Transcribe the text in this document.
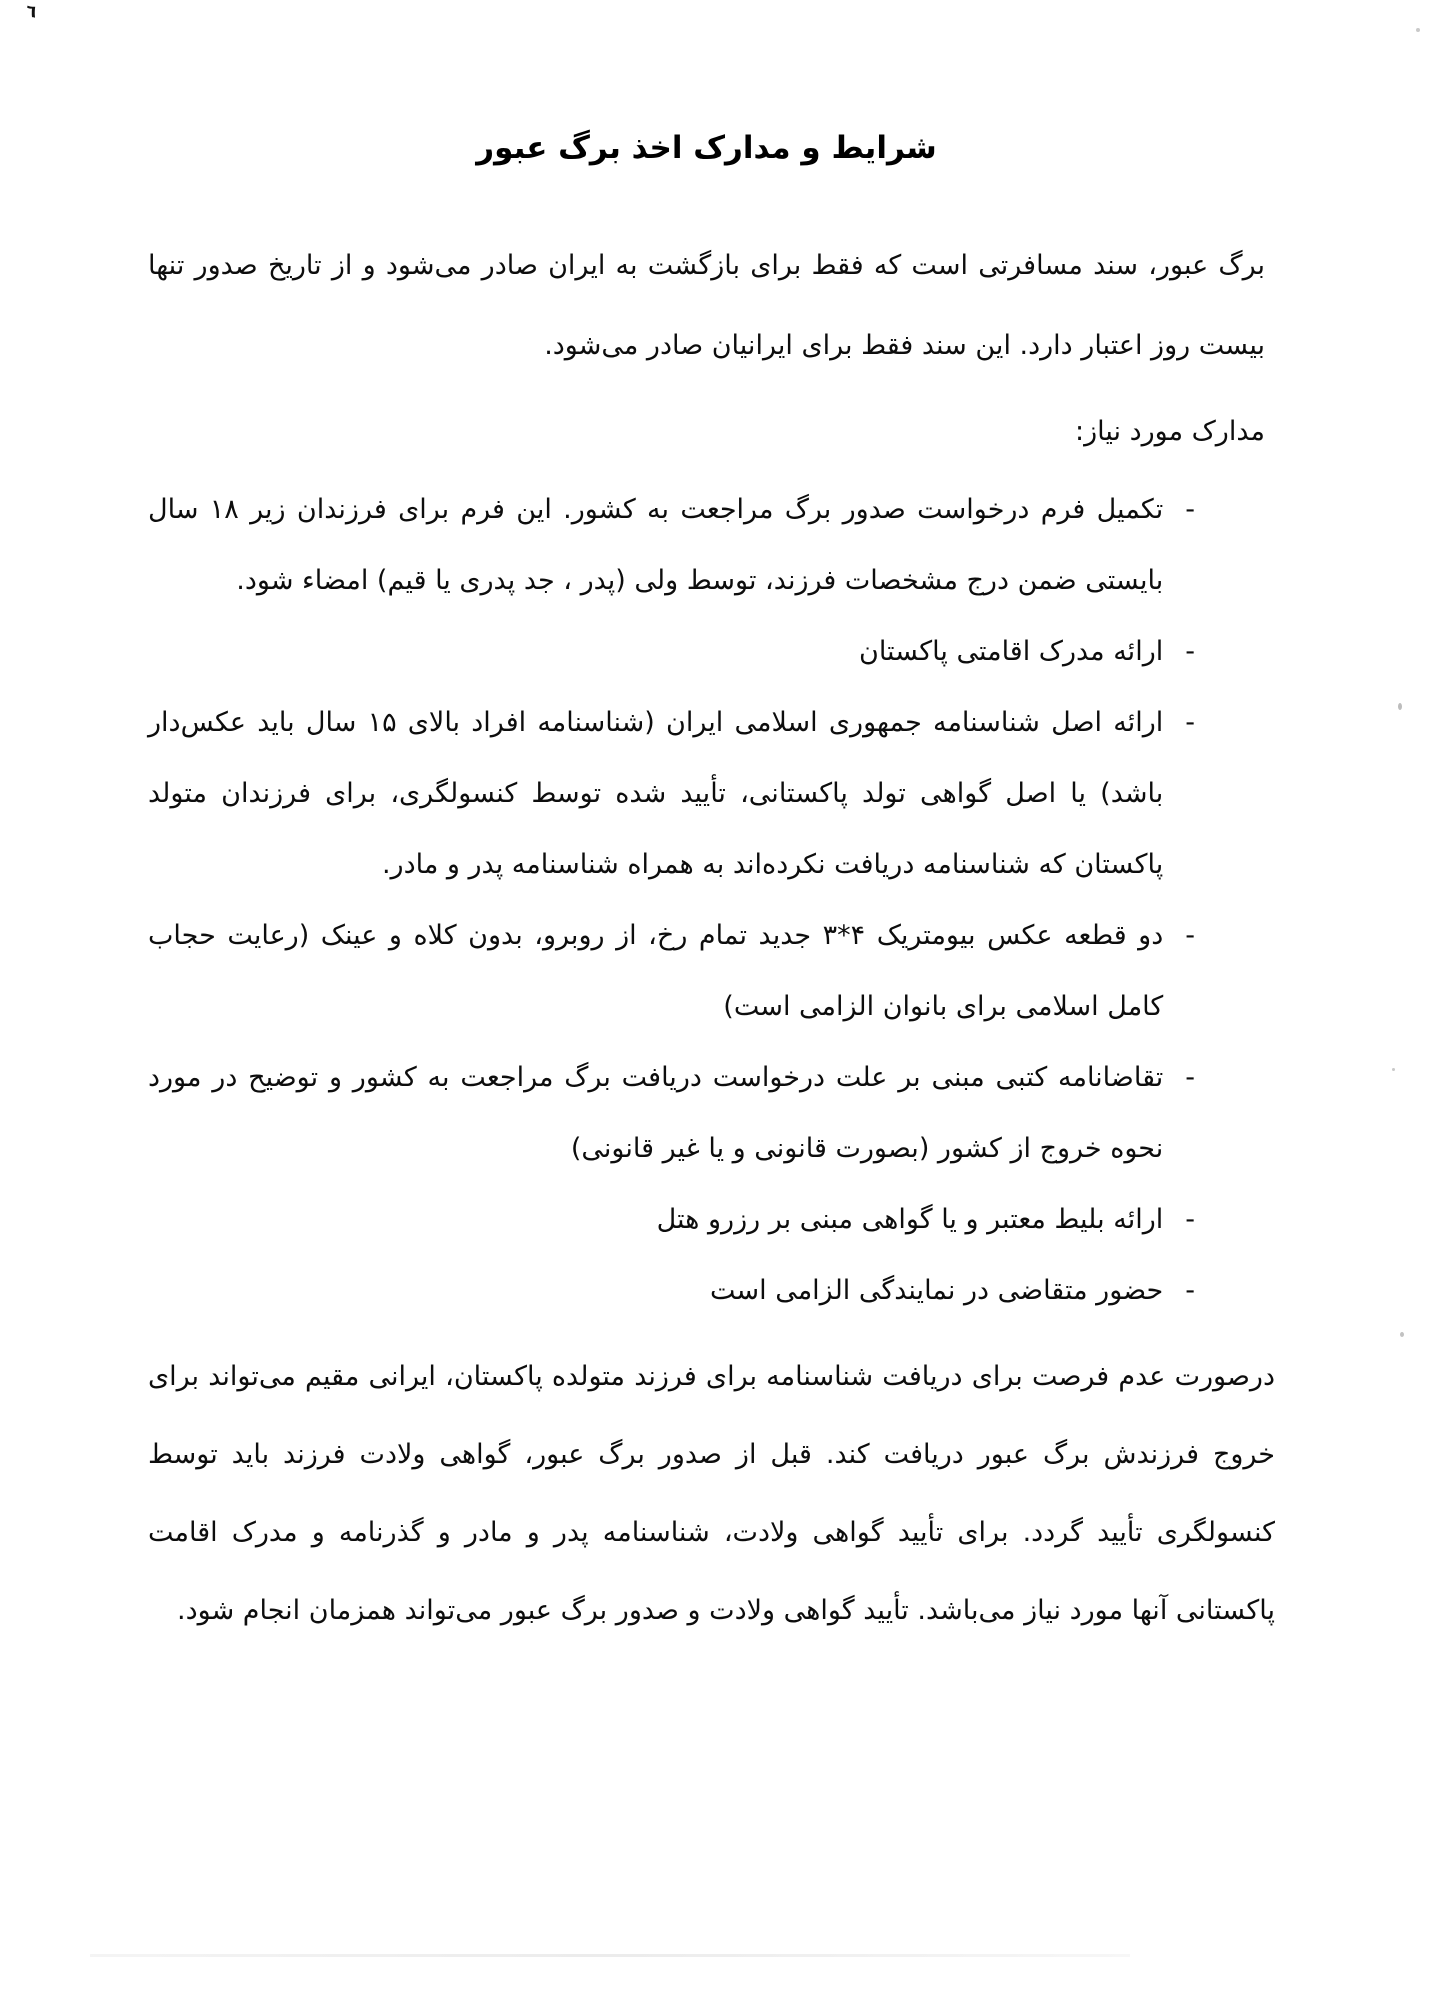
٦
شرایط و مدارک اخذ برگ عبور

برگ عبور، سند مسافرتی است که فقط برای بازگشت به ایران صادر می‌شود و از تاریخ صدور تنها بیست روز اعتبار دارد. این سند فقط برای ایرانیان صادر می‌شود.

مدارک مورد نیاز:

-
تکمیل فرم درخواست صدور برگ مراجعت به کشور. این فرم برای فرزندان زیر ۱۸ سال بایستی ضمن درج مشخصات فرزند، توسط ولی (پدر ، جد پدری یا قیم) امضاء شود.
-
ارائه مدرک اقامتی پاکستان
-
ارائه اصل شناسنامه جمهوری اسلامی ایران (شناسنامه افراد بالای ۱۵ سال باید عکس‌دار باشد) یا اصل گواهی تولد پاکستانی، تأیید شده توسط کنسولگری، برای فرزندان متولد پاکستان که شناسنامه دریافت نکرده‌اند به همراه شناسنامه پدر و مادر.
-
دو قطعه عکس بیومتریک ۴*۳ جدید تمام رخ، از روبرو، بدون کلاه و عینک (رعایت حجاب کامل اسلامی برای بانوان الزامی است)
-
تقاضانامه کتبی مبنی بر علت درخواست دریافت برگ مراجعت به کشور و توضیح در مورد نحوه خروج از کشور (بصورت قانونی و یا غیر قانونی)
-
ارائه بلیط معتبر و یا گواهی مبنی بر رزرو هتل
-
حضور متقاضی در نمایندگی الزامی است

درصورت عدم فرصت برای دریافت شناسنامه برای فرزند متولده پاکستان، ایرانی مقیم می‌تواند برای خروج فرزندش برگ عبور دریافت کند. قبل از صدور برگ عبور، گواهی ولادت فرزند باید توسط کنسولگری تأیید گردد. برای تأیید گواهی ولادت، شناسنامه پدر و مادر و گذرنامه و مدرک اقامت پاکستانی آنها مورد نیاز می‌باشد. تأیید گواهی ولادت و صدور برگ عبور می‌تواند همزمان انجام شود.
